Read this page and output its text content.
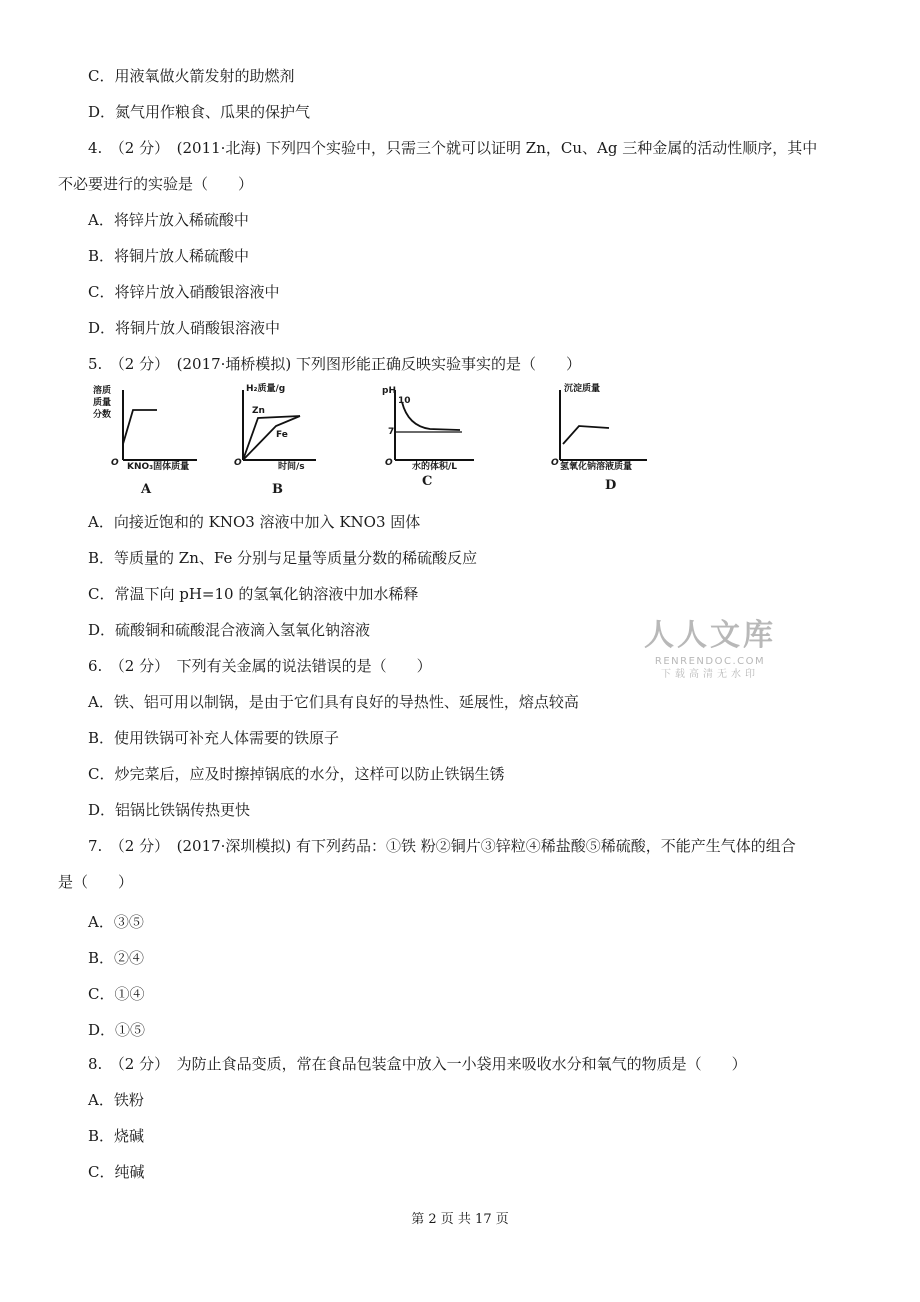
C．用液氧做火箭发射的助燃剂
D．氮气用作粮食、瓜果的保护气
4.　（2 分）　(2011·北海) 下列四个实验中，只需三个就可以证明 Zn，Cu、Ag 三种金属的活动性顺序，其中
不必要进行的实验是（　　）
A．将锌片放入稀硫酸中
B．将铜片放人稀硫酸中
C．将锌片放入硝酸银溶液中
D．将铜片放人硝酸银溶液中
5.　（2 分）　(2017·埇桥模拟) 下列图形能正确反映实验事实的是（　　）
溶质
质量
分数
O KNO₃固体质量
A
H₂质量/g
Zn
Fe
O	时间/s
B
pH
10
7
O 水的体积/L
C
沉淀质量
O 氢氧化钠溶液质量
D
A．向接近饱和的 KNO3 溶液中加入 KNO3 固体
B．等质量的 Zn、Fe 分别与足量等质量分数的稀硫酸反应
C．常温下向 pH=10 的氢氧化钠溶液中加水稀释
D．硫酸铜和硫酸混合液滴入氢氧化钠溶液	人人文库
RENRENDOC.COM
下载高清无水印
6.　（2 分）　下列有关金属的说法错误的是（　　）
A．铁、铝可用以制锅，是由于它们具有良好的导热性、延展性，熔点较高
B．使用铁锅可补充人体需要的铁原子
C．炒完菜后，应及时擦掉锅底的水分，这样可以防止铁锅生锈
D．铝锅比铁锅传热更快
7.　（2 分）　(2017·深圳模拟) 有下列药品：①铁 粉②铜片③锌粒④稀盐酸⑤稀硫酸，不能产生气体的组合
是（　　）
A．③⑤
B．②④
C．①④
D．①⑤
8.　（2 分）　为防止食品变质，常在食品包装盒中放入一小袋用来吸收水分和氧气的物质是（　　）
A．铁粉
B．烧碱
C．纯碱
第 2 页 共 17 页
